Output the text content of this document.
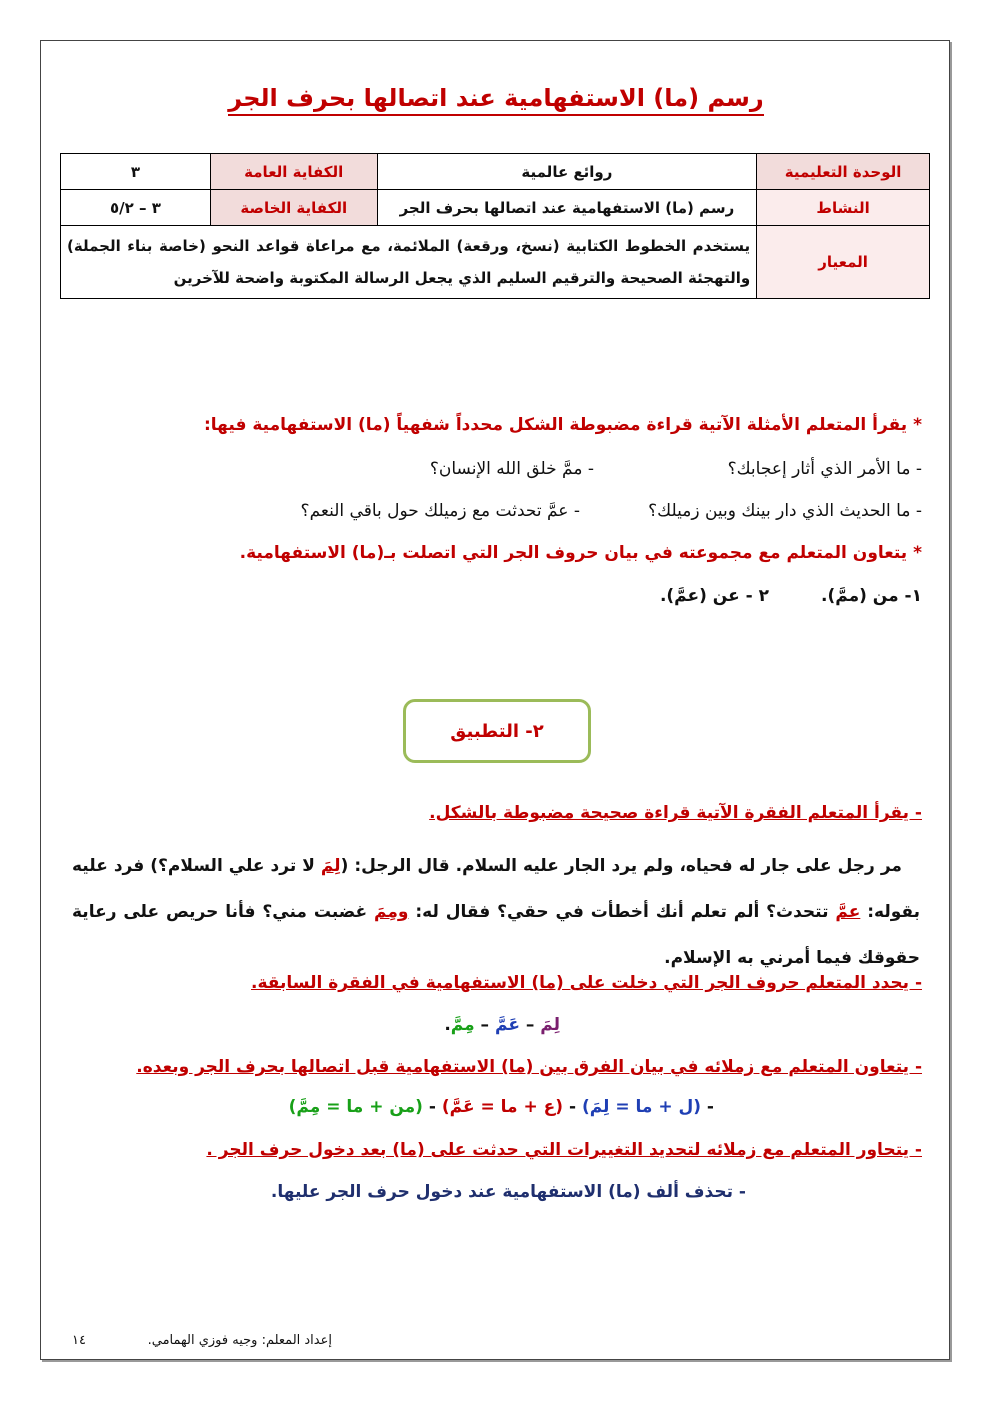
رسم (ما) الاستفهامية عند اتصالها بحرف الجر
الوحدة التعليمية	روائع عالمية	الكفاية العامة	٣
النشاط	رسم (ما) الاستفهامية عند اتصالها بحرف الجر	الكفاية الخاصة	٣ – ٥/٢
المعيار	يستخدم الخطوط الكتابية (نسخ، ورقعة) الملائمة، مع مراعاة قواعد النحو (خاصة بناء الجملة) والتهجئة الصحيحة والترقيم السليم الذي يجعل الرسالة المكتوبة واضحة للآخرين		
* يقرأ المتعلم الأمثلة الآتية قراءة مضبوطة الشكل محدداً شفهياً (ما) الاستفهامية فيها:
- ما الأمر الذي أثار إعجابك؟
- ممَّ خلق الله الإنسان؟
- ما الحديث الذي دار بينك وبين زميلك؟
- عمَّ تحدثت مع زميلك حول باقي النعم؟
* يتعاون المتعلم مع مجموعته في بيان حروف الجر التي اتصلت بـ(ما) الاستفهامية.
١- من (ممَّ).
٢ - عن (عمَّ).
٢- التطبيق
- يقرأ المتعلم الفقرة الآتية قراءة صحيحة مضبوطة بالشكل.
مر رجل على جار له فحياه، ولم يرد الجار عليه السلام. قال الرجل: (لِمَ لا ترد علي السلام؟) فرد عليه بقوله: عمَّ تتحدث؟ ألم تعلم أنك أخطأت في حقي؟ فقال له: ومِمَ غضبت مني؟ فأنا حريص على رعاية حقوقك فيما أمرني به الإسلام.
- يحدد المتعلم حروف الجر التي دخلت على (ما) الاستفهامية في الفقرة السابقة.
لِمَ – عَمَّ – مِمَّ.
- يتعاون المتعلم مع زملائه في بيان الفرق بين (ما) الاستفهامية قبل اتصالها بحرف الجر وبعده.
- (ل + ما = لِمَ) - (ع + ما = عَمَّ) - (من + ما = مِمَّ)
- يتحاور المتعلم مع زملائه لتحديد التغييرات التي حدثت على (ما) بعد دخول حرف الجر .
- تحذف ألف (ما) الاستفهامية عند دخول حرف الجر عليها.
إعداد المعلم: وجيه فوزي الهمامي.
١٤
